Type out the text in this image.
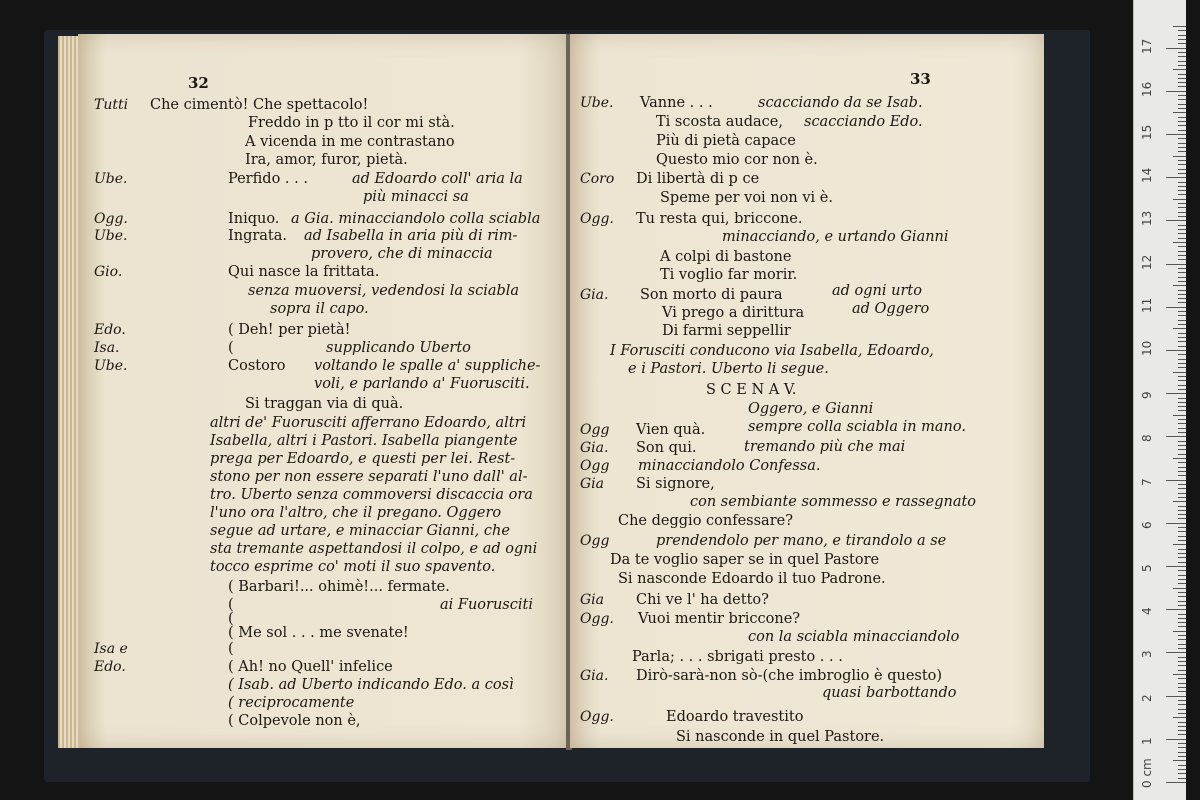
32
Tutti Che cimentò! Che spettacolo!
Freddo in p tto il cor mi stà.
A vicenda in me contrastano
Ira, amor, furor, pietà.
Ube.	Perfido . . .	ad Edoardo coll' aria la
più minacci sa
Ogg.	Iniquo. a Gia. minacciandolo colla sciabla
Ube.	Ingrata. ad Isabella in aria più di rim-
provero, che di minaccia
Gio.	Qui nasce la frittata.
senza muoversi, vedendosi la sciabla
sopra il capo.
Edo.	( Deh! per pietà!
Isa.	(	supplicando Uberto
Ube.	Costoro voltando le spalle a' suppliche-
voli, e parlando a' Fuorusciti.
Si traggan via di quà.
altri de' Fuorusciti afferrano Edoardo, altri
Isabella, altri i Pastori. Isabella piangente
prega per Edoardo, e questi per lei. Rest-
stono per non essere separati l'uno dall' al-
tro. Uberto senza commoversi discaccia ora
l'uno ora l'altro, che il pregano. Oggero
segue ad urtare, e minacciar Gianni, che
sta tremante aspettandosi il colpo, e ad ogni
tocco esprime co' moti il suo spavento.
( Barbari!... ohimè!... fermate.
(	ai Fuorusciti
(
( Me sol . . . me svenate!
Isa e	(
Edo.	( Ah! no Quell' infelice
( Isab. ad Uberto indicando Edo. a così
( reciprocamente
( Colpevole non è,
33
Ube. Vanne . . .	scacciando da se Isab.
Ti scosta audace, scacciando Edo.
Più di pietà capace
Questo mio cor non è.
Coro Di libertà di p ce
Speme per voi non vi è.
Ogg. Tu resta qui, briccone.
minacciando, e urtando Gianni
A colpi di bastone
Ti voglio far morir.
Gia. Son morto di paura	ad ogni urto
Vi prego a dirittura	ad Oggero
Di farmi seppellir
I Forusciti conducono via Isabella, Edoardo,
e i Pastori. Uberto li segue.
S C E N A V.
Oggero, e Gianni
Ogg Vien quà.	sempre colla sciabla in mano.
Gia. Son qui.	tremando più che mai
Ogg minacciandolo Confessa.
Gia Si signore,
con sembiante sommesso e rassegnato
Che deggio confessare?
Ogg	prendendolo per mano, e tirandolo a se
Da te voglio saper se in quel Pastore
Si nasconde Edoardo il tuo Padrone.
Gia Chi ve l' ha detto?
Ogg. Vuoi mentir briccone?
con la sciabla minacciandolo
Parla; . . . sbrigati presto . . .
Gia. Dirò-sarà-non sò-(che imbroglio è questo)
quasi barbottando
Ogg.	Edoardo travestito
Si nasconde in quel Pastore.
0 cm
1
2
3
4
5
6
7
8
9
10
11
12
13
14
15
16
17
